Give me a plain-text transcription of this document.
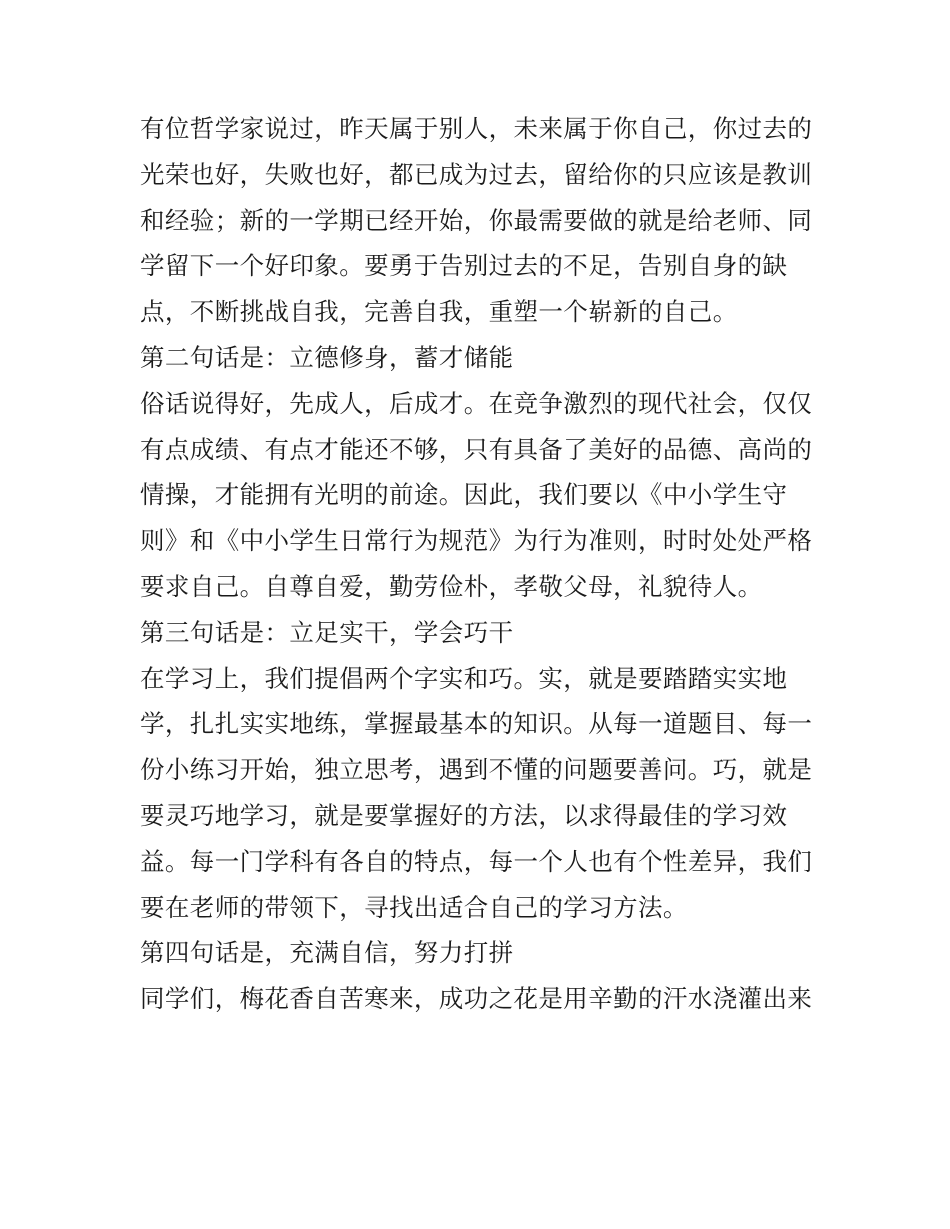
有位哲学家说过，昨天属于别人，未来属于你自己，你过去的
光荣也好，失败也好，都已成为过去，留给你的只应该是教训
和经验；新的一学期已经开始，你最需要做的就是给老师、同
学留下一个好印象。要勇于告别过去的不足，告别自身的缺
点，不断挑战自我，完善自我，重塑一个崭新的自己。
第二句话是：立德修身，蓄才储能
俗话说得好，先成人，后成才。在竞争激烈的现代社会，仅仅
有点成绩、有点才能还不够，只有具备了美好的品德、高尚的
情操，才能拥有光明的前途。因此，我们要以《中小学生守
则》和《中小学生日常行为规范》为行为准则，时时处处严格
要求自己。自尊自爱，勤劳俭朴，孝敬父母，礼貌待人。
第三句话是：立足实干，学会巧干
在学习上，我们提倡两个字实和巧。实，就是要踏踏实实地
学，扎扎实实地练，掌握最基本的知识。从每一道题目、每一
份小练习开始，独立思考，遇到不懂的问题要善问。巧，就是
要灵巧地学习，就是要掌握好的方法，以求得最佳的学习效
益。每一门学科有各自的特点，每一个人也有个性差异，我们
要在老师的带领下，寻找出适合自己的学习方法。
第四句话是，充满自信，努力打拼
同学们，梅花香自苦寒来，成功之花是用辛勤的汗水浇灌出来
